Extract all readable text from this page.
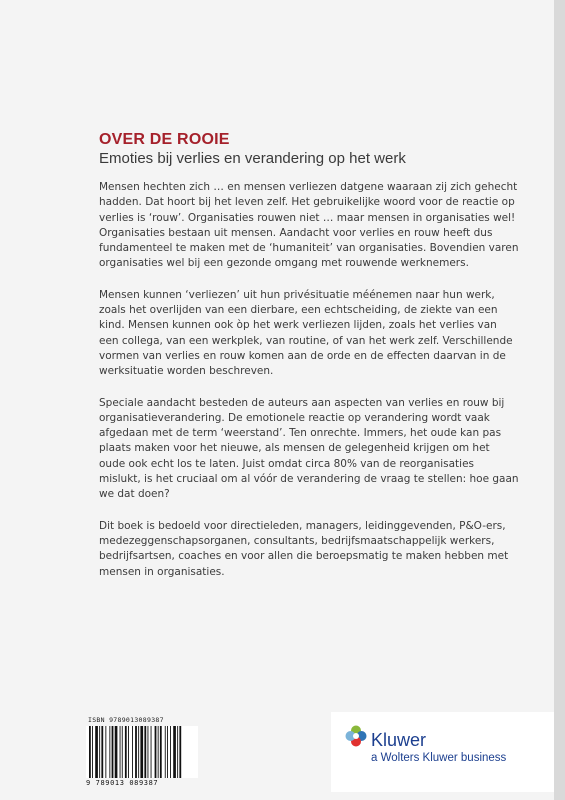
OVER DE ROOIE
Emoties bij verlies en verandering op het werk

Mensen hechten zich … en mensen verliezen datgene waaraan zij zich gehecht hadden. Dat hoort bij het leven zelf. Het gebruikelijke woord voor de reactie op verlies is ‘rouw’. Organisaties rouwen niet … maar mensen in organisaties wel! Organisaties bestaan uit mensen. Aandacht voor verlies en rouw heeft dus fundamenteel te maken met de ‘humaniteit’ van organisaties. Bovendien varen organisaties wel bij een gezonde omgang met rouwende werknemers.

Mensen kunnen ‘verliezen’ uit hun privésituatie méénemen naar hun werk, zoals het overlijden van een dierbare, een echtscheiding, de ziekte van een kind. Mensen kunnen ook òp het werk verliezen lijden, zoals het verlies van een collega, van een werkplek, van routine, of van het werk zelf. Verschillende vormen van verlies en rouw komen aan de orde en de effecten daarvan in de werksituatie worden beschreven.

Speciale aandacht besteden de auteurs aan aspecten van verlies en rouw bij organisatieverandering. De emotionele reactie op verandering wordt vaak afgedaan met de term ‘weerstand’. Ten onrechte. Immers, het oude kan pas plaats maken voor het nieuwe, als mensen de gelegenheid krijgen om het oude ook echt los te laten. Juist omdat circa 80% van de reorganisaties mislukt, is het cruciaal om al vóór de verandering de vraag te stellen: hoe gaan we dat doen?

Dit boek is bedoeld voor directieleden, managers, leidinggevenden, P&O-ers, medezeggenschapsorganen, consultants, bedrijfsmaatschappelijk werkers, bedrijfsartsen, coaches en voor allen die beroepsmatig te maken hebben met mensen in organisaties.

ISBN 9789013089387
9 789013 089387
Kluwer
a Wolters Kluwer business
